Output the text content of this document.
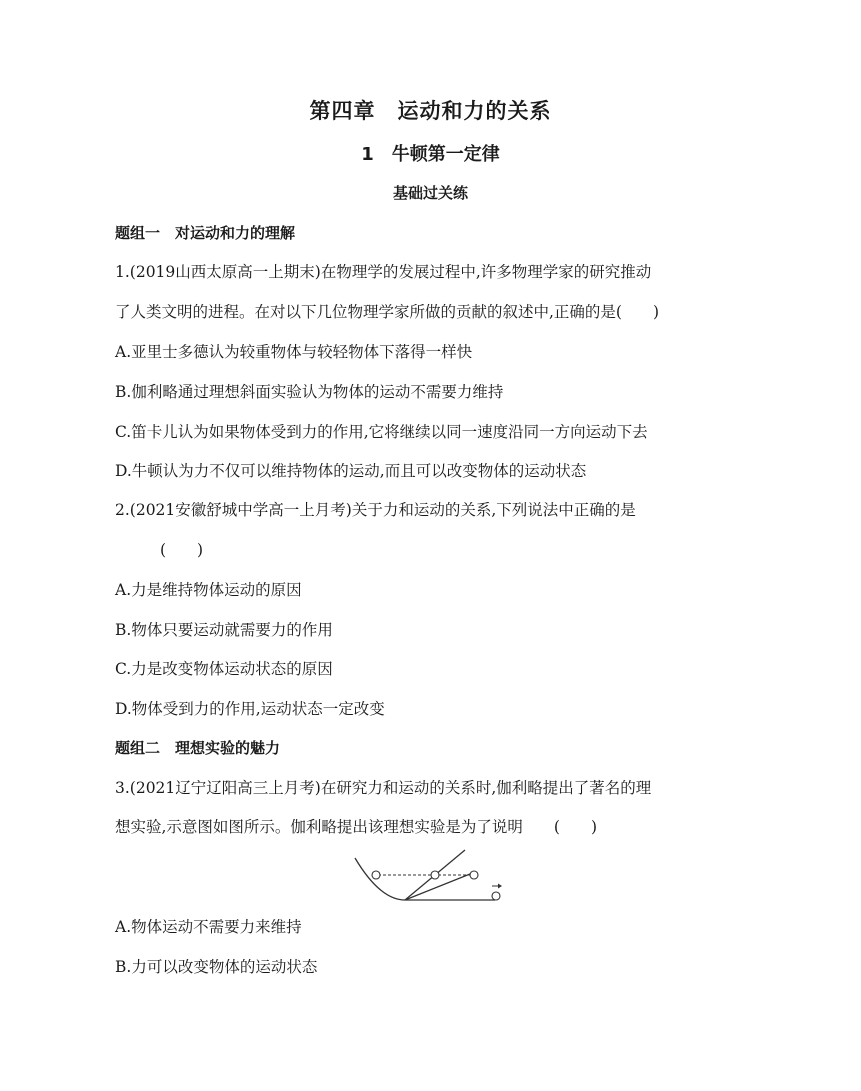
第四章　运动和力的关系
1　牛顿第一定律
基础过关练
题组一　对运动和力的理解
1.(2019山西太原高一上期末)在物理学的发展过程中,许多物理学家的研究推动
了人类文明的进程。在对以下几位物理学家所做的贡献的叙述中,正确的是(　　)
A.亚里士多德认为较重物体与较轻物体下落得一样快
B.伽利略通过理想斜面实验认为物体的运动不需要力维持
C.笛卡儿认为如果物体受到力的作用,它将继续以同一速度沿同一方向运动下去
D.牛顿认为力不仅可以维持物体的运动,而且可以改变物体的运动状态
2.(2021安徽舒城中学高一上月考)关于力和运动的关系,下列说法中正确的是
(　　)
A.力是维持物体运动的原因
B.物体只要运动就需要力的作用
C.力是改变物体运动状态的原因
D.物体受到力的作用,运动状态一定改变
题组二　理想实验的魅力
3.(2021辽宁辽阳高三上月考)在研究力和运动的关系时,伽利略提出了著名的理
想实验,示意图如图所示。伽利略提出该理想实验是为了说明　　(　　)
A.物体运动不需要力来维持
B.力可以改变物体的运动状态
